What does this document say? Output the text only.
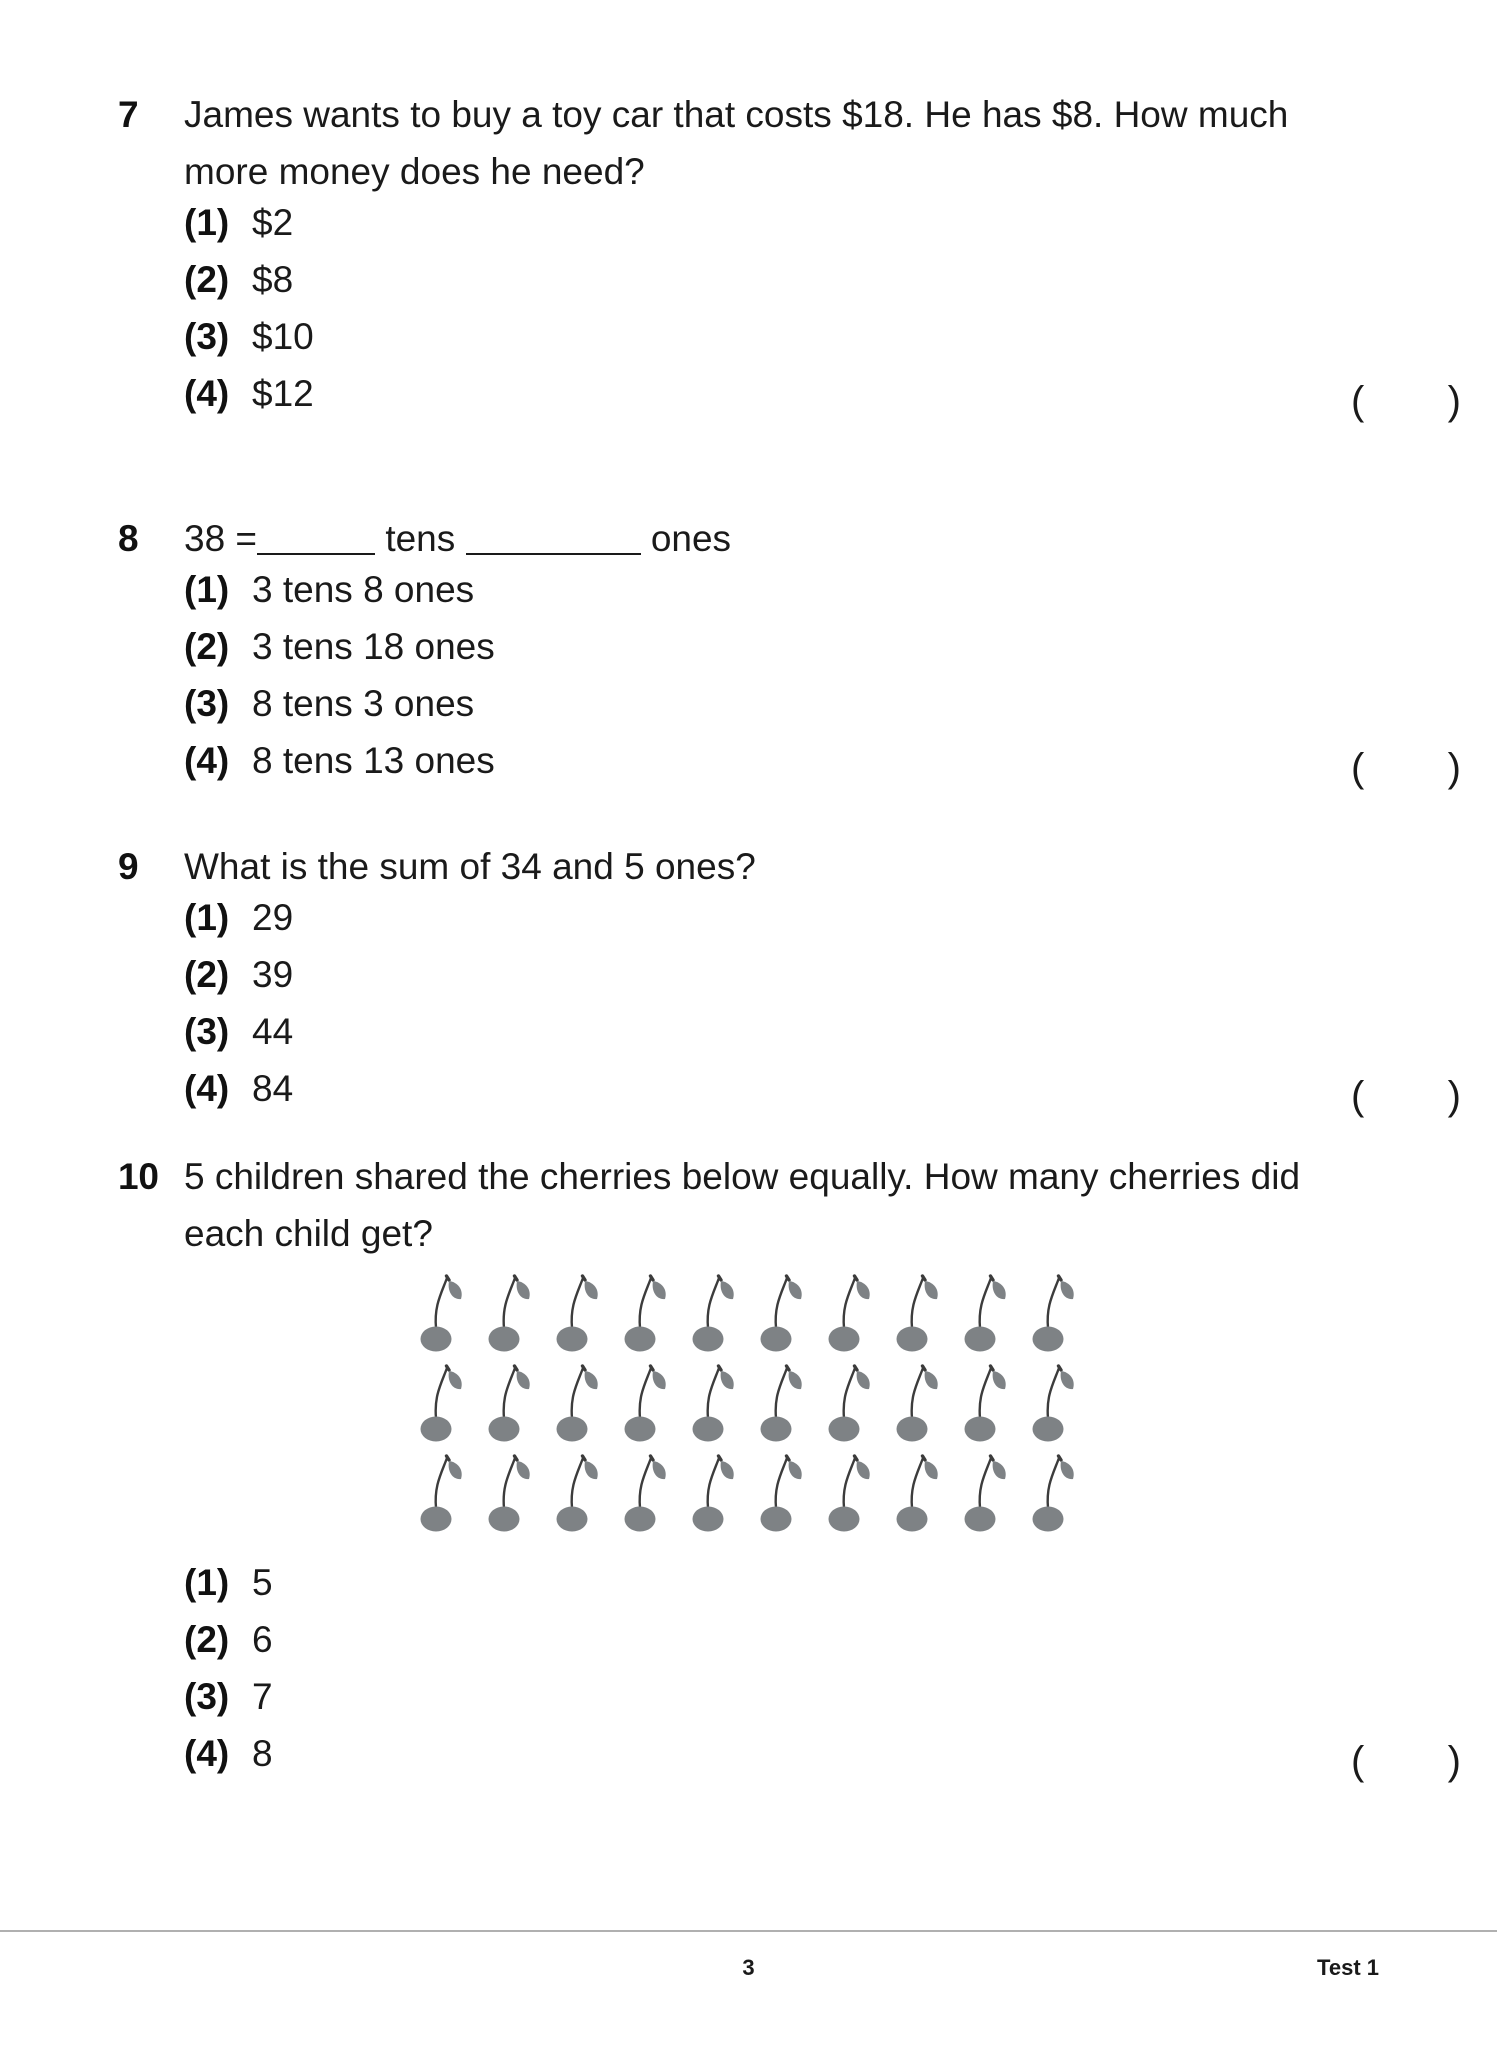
7	James wants to buy a toy car that costs $18. He has $8. How much more money does he need?
(1) $2
(2) $8
(3) $10
(4) $12	( )
8	38 =	tens	ones
(1) 3 tens 8 ones
(2) 3 tens 18 ones
(3) 8 tens 3 ones
(4) 8 tens 13 ones	( )
9	What is the sum of 34 and 5 ones?
(1) 29
(2) 39
(3) 44
(4) 84	( )
10 5 children shared the cherries below equally. How many cherries did each child get?
(1) 5
(2) 6
(3) 7
(4) 8	( )
3	Test 1
